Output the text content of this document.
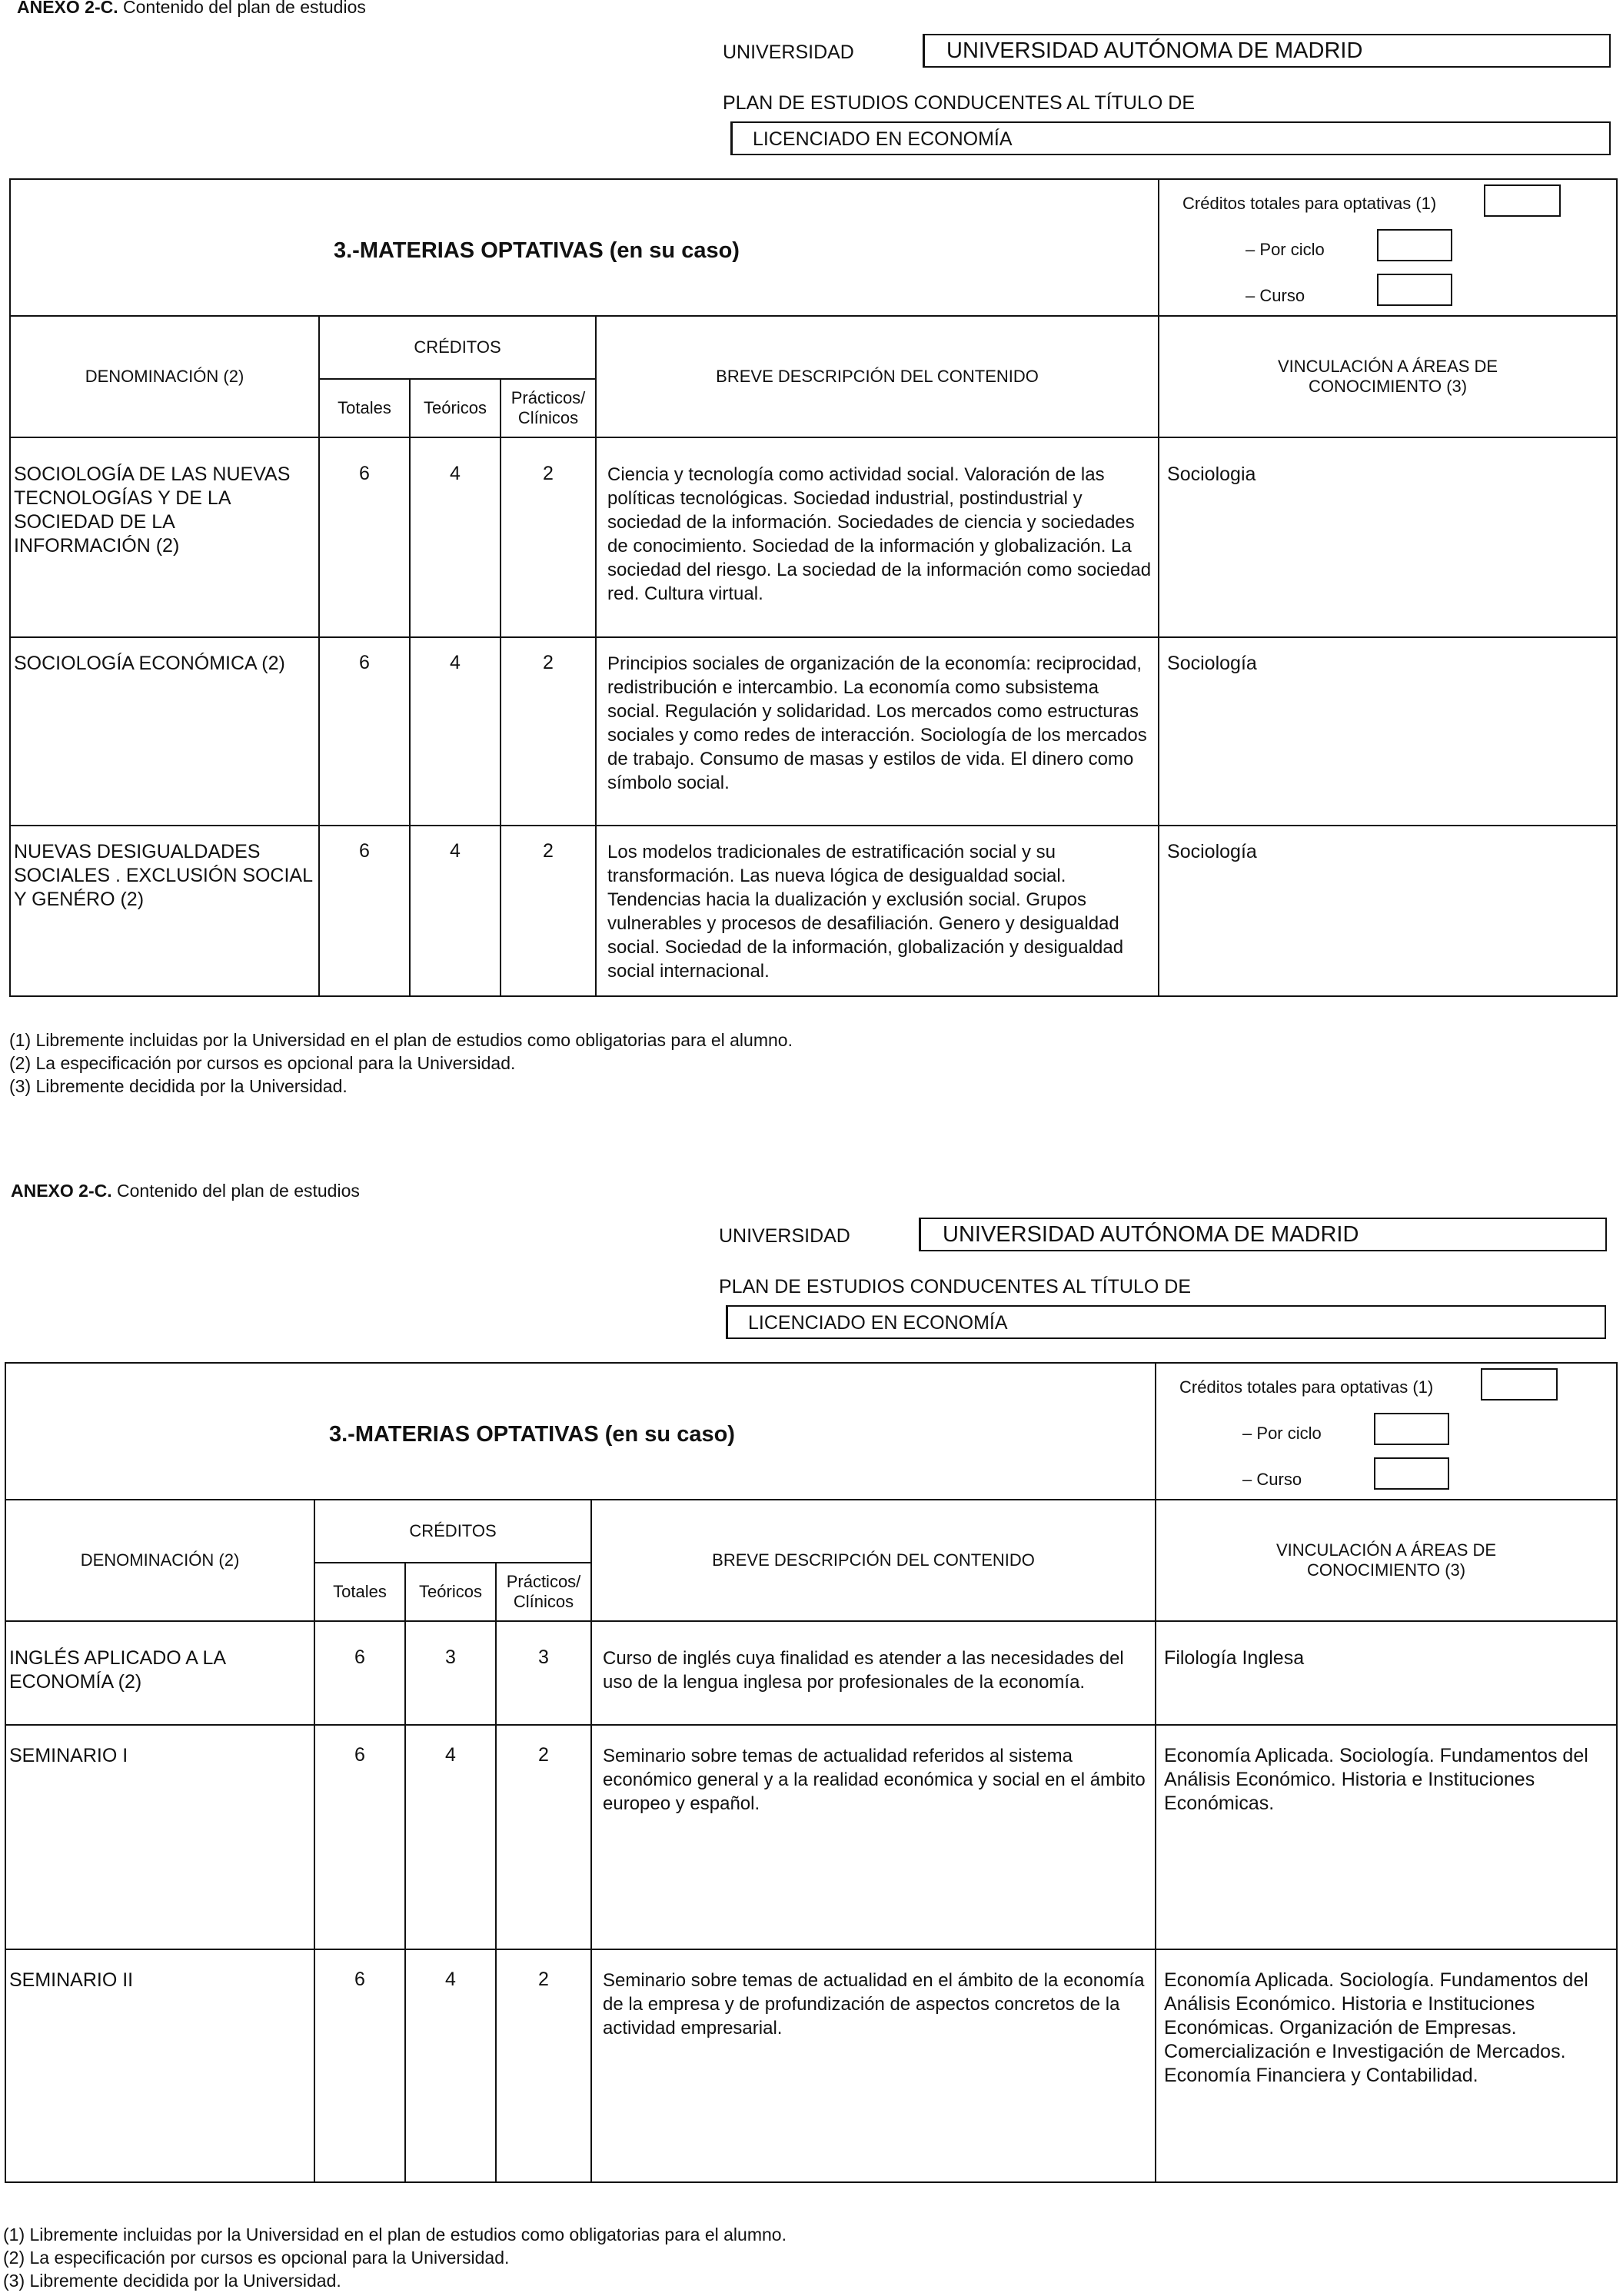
ANEXO 2-C. Contenido del plan de estudios
UNIVERSIDAD	UNIVERSIDAD AUTÓNOMA DE MADRID
PLAN DE ESTUDIOS CONDUCENTES AL TÍTULO DE
LICENCIADO EN ECONOMÍA
3.-MATERIAS OPTATIVAS (en su caso)					Créditos totales para optativas (1)
– Por ciclo
– Curso

DENOMINACIÓN (2)	CRÉDITOS			BREVE DESCRIPCIÓN DEL CONTENIDO	VINCULACIÓN A ÁREAS DE CONOCIMIENTO (3)
	Totales	Teóricos	Prácticos/ Clínicos		

SOCIOLOGÍA DE LAS NUEVAS TECNOLOGÍAS Y DE LA SOCIEDAD DE LA INFORMACIÓN (2)	6	4	2	Ciencia y tecnología como actividad social. Valoración de las políticas tecnológicas. Sociedad industrial, postindustrial y sociedad de la información. Sociedades de ciencia y sociedades de conocimiento. Sociedad de la información y globalización. La sociedad del riesgo. La sociedad de la información como sociedad red. Cultura virtual.	Sociologia

SOCIOLOGÍA ECONÓMICA (2)	6	4	2	Principios sociales de organización de la economía: reciprocidad, redistribución e intercambio. La economía como subsistema social. Regulación y solidaridad. Los mercados como estructuras sociales y como redes de interacción. Sociología de los mercados de trabajo. Consumo de masas y estilos de vida. El dinero como símbolo social.	Sociología

NUEVAS DESIGUALDADES SOCIALES . EXCLUSIÓN SOCIAL Y GENÉRO (2)	6	4	2	Los modelos tradicionales de estratificación social y su transformación. Las nueva lógica de desigualdad social. Tendencias hacia la dualización y exclusión social. Grupos vulnerables y procesos de desafiliación. Genero y desigualdad social. Sociedad de la información, globalización y desigualdad social internacional.	Sociología
(1) Libremente incluidas por la Universidad en el plan de estudios como obligatorias para el alumno.
(2) La especificación por cursos es opcional para la Universidad.
(3) Libremente decidida por la Universidad.
ANEXO 2-C. Contenido del plan de estudios
UNIVERSIDAD	UNIVERSIDAD AUTÓNOMA DE MADRID
PLAN DE ESTUDIOS CONDUCENTES AL TÍTULO DE
LICENCIADO EN ECONOMÍA
3.-MATERIAS OPTATIVAS (en su caso)					Créditos totales para optativas (1)
– Por ciclo
– Curso

DENOMINACIÓN (2)	CRÉDITOS			BREVE DESCRIPCIÓN DEL CONTENIDO	VINCULACIÓN A ÁREAS DE CONOCIMIENTO (3)
	Totales	Teóricos	Prácticos/ Clínicos		

INGLÉS APLICADO A LA ECONOMÍA (2)	6	3	3	Curso de inglés cuya finalidad es atender a las necesidades del uso de la lengua inglesa por profesionales de la economía.	Filología Inglesa

SEMINARIO I	6	4	2	Seminario sobre temas de actualidad referidos al sistema económico general y a la realidad económica y social en el ámbito europeo y español.	Economía Aplicada. Sociología. Fundamentos del Análisis Económico. Historia e Instituciones Económicas.

SEMINARIO II	6	4	2	Seminario sobre temas de actualidad en el ámbito de la economía de la empresa y de profundización de aspectos concretos de la actividad empresarial.	Economía Aplicada. Sociología. Fundamentos del Análisis Económico. Historia e Instituciones Económicas. Organización de Empresas. Comercialización e Investigación de Mercados. Economía Financiera y Contabilidad.
(1) Libremente incluidas por la Universidad en el plan de estudios como obligatorias para el alumno.
(2) La especificación por cursos es opcional para la Universidad.
(3) Libremente decidida por la Universidad.
